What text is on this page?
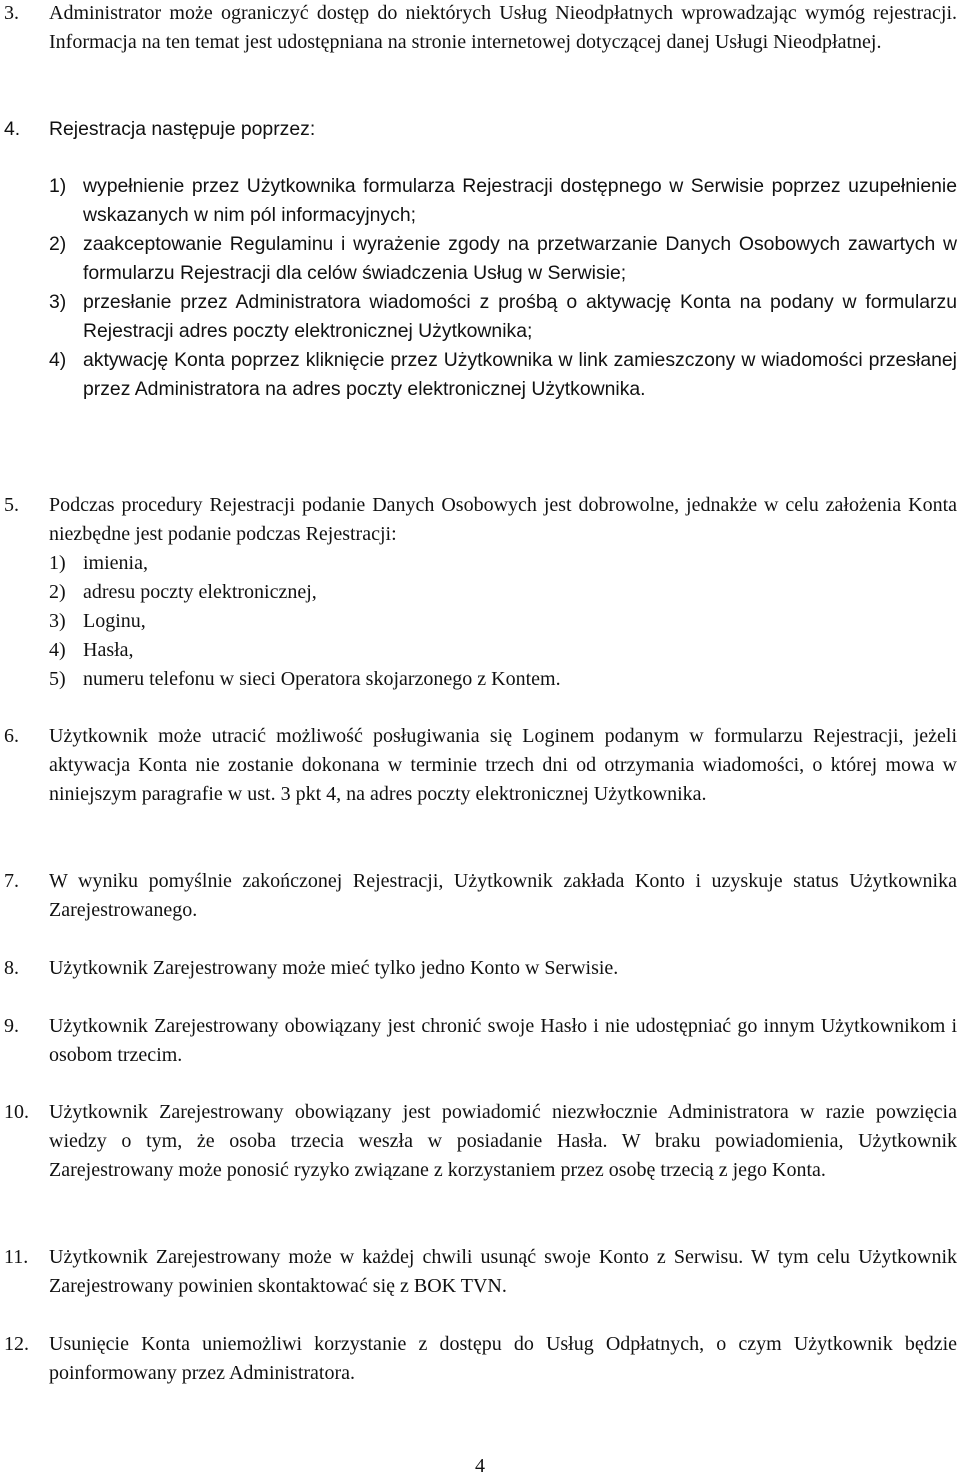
3. Administrator może ograniczyć dostęp do niektórych Usług Nieodpłatnych wprowadzając wymóg rejestracji. Informacja na ten temat jest udostępniana na stronie internetowej dotyczącej danej Usługi Nieodpłatnej.
4. Rejestracja następuje poprzez:
1) wypełnienie przez Użytkownika formularza Rejestracji dostępnego w Serwisie poprzez uzupełnienie wskazanych w nim pól informacyjnych;
2) zaakceptowanie Regulaminu i wyrażenie zgody na przetwarzanie Danych Osobowych zawartych w formularzu Rejestracji dla celów świadczenia Usług w Serwisie;
3) przesłanie przez Administratora wiadomości z prośbą o aktywację Konta na podany w formularzu Rejestracji adres poczty elektronicznej Użytkownika;
4) aktywację Konta poprzez kliknięcie przez Użytkownika w link zamieszczony w wiadomości przesłanej przez Administratora na adres poczty elektronicznej Użytkownika.
5. Podczas procedury Rejestracji podanie Danych Osobowych jest dobrowolne, jednakże w celu założenia Konta niezbędne jest podanie podczas Rejestracji:
1) imienia,
2) adresu poczty elektronicznej,
3) Loginu,
4) Hasła,
5) numeru telefonu w sieci Operatora skojarzonego z Kontem.
6. Użytkownik może utracić możliwość posługiwania się Loginem podanym w formularzu Rejestracji, jeżeli aktywacja Konta nie zostanie dokonana w terminie trzech dni od otrzymania wiadomości, o której mowa w niniejszym paragrafie w ust. 3 pkt 4, na adres poczty elektronicznej Użytkownika.
7. W wyniku pomyślnie zakończonej Rejestracji, Użytkownik zakłada Konto i uzyskuje status Użytkownika Zarejestrowanego.
8. Użytkownik Zarejestrowany może mieć tylko jedno Konto w Serwisie.
9. Użytkownik Zarejestrowany obowiązany jest chronić swoje Hasło i nie udostępniać go innym Użytkownikom i osobom trzecim.
10. Użytkownik Zarejestrowany obowiązany jest powiadomić niezwłocznie Administratora w razie powzięcia wiedzy o tym, że osoba trzecia weszła w posiadanie Hasła. W braku powiadomienia, Użytkownik Zarejestrowany może ponosić ryzyko związane z korzystaniem przez osobę trzecią z jego Konta.
11. Użytkownik Zarejestrowany może w każdej chwili usunąć swoje Konto z Serwisu. W tym celu Użytkownik Zarejestrowany powinien skontaktować się z BOK TVN.
12. Usunięcie Konta uniemożliwi korzystanie z dostępu do Usług Odpłatnych, o czym Użytkownik będzie poinformowany przez Administratora.
4
